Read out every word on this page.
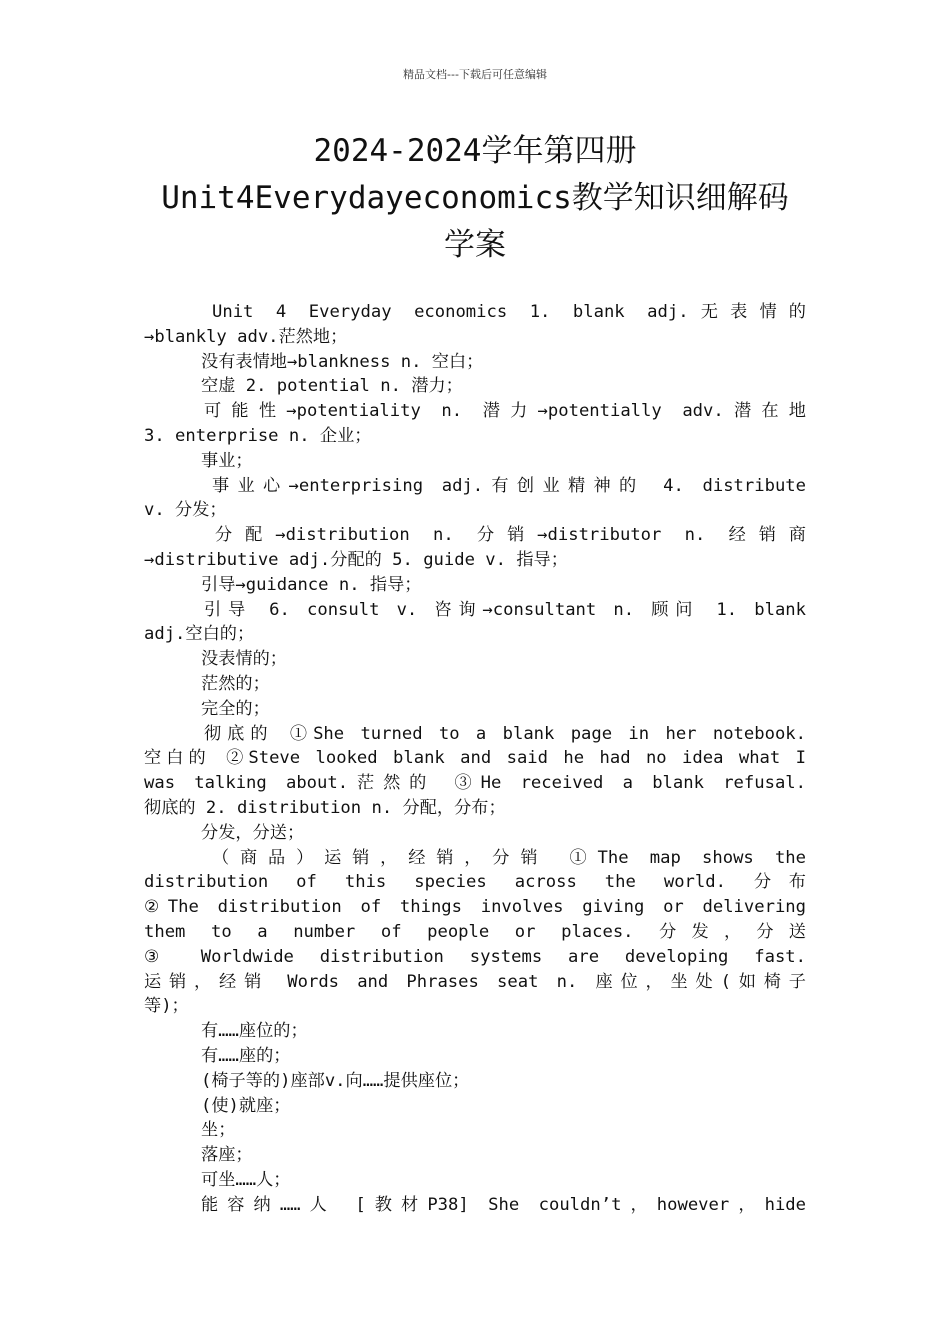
精品文档---下载后可任意编辑
2024-2024学年第四册
Unit4Everydayeconomics教学知识细解码
学案
Unit 4 Everyday economics 1. blank adj.无表情的
→blankly adv.茫然地；
没有表情地→blankness n. 空白；
空虚 2. potential n. 潜力；
可能性→potentiality n. 潜力→potentially adv.潜在地
3. enterprise n. 企业；
事业；
事业心→enterprising adj.有创业精神的 4. distribute
v. 分发；
分配→distribution n. 分销→distributor n. 经销商
→distributive adj.分配的 5. guide v. 指导；
引导→guidance n. 指导；
引导 6. consult v. 咨询→consultant n. 顾问 1. blank
adj.空白的；
没表情的；
茫然的；
完全的；
彻底的 ①She turned to a blank page in her notebook.
空白的 ②Steve looked blank and said he had no idea what I
was talking about.茫然的 ③He received a blank refusal.
彻底的 2. distribution n. 分配，分布；
分发，分送；
（商品）运销，经销，分销 ①The map shows the
distribution of this species across the world. 分布
②The distribution of things involves giving or delivering
them to a number of people or places. 分发，分送
③ Worldwide distribution systems are developing fast.
运销，经销 Words and Phrases seat n. 座位，坐处(如椅子
等)；
有……座位的；
有……座的；
(椅子等的)座部v.向……提供座位；
(使)就座；
坐；
落座；
可坐……人；
能容纳……人 [教材P38] She couldn’t，however，hide
